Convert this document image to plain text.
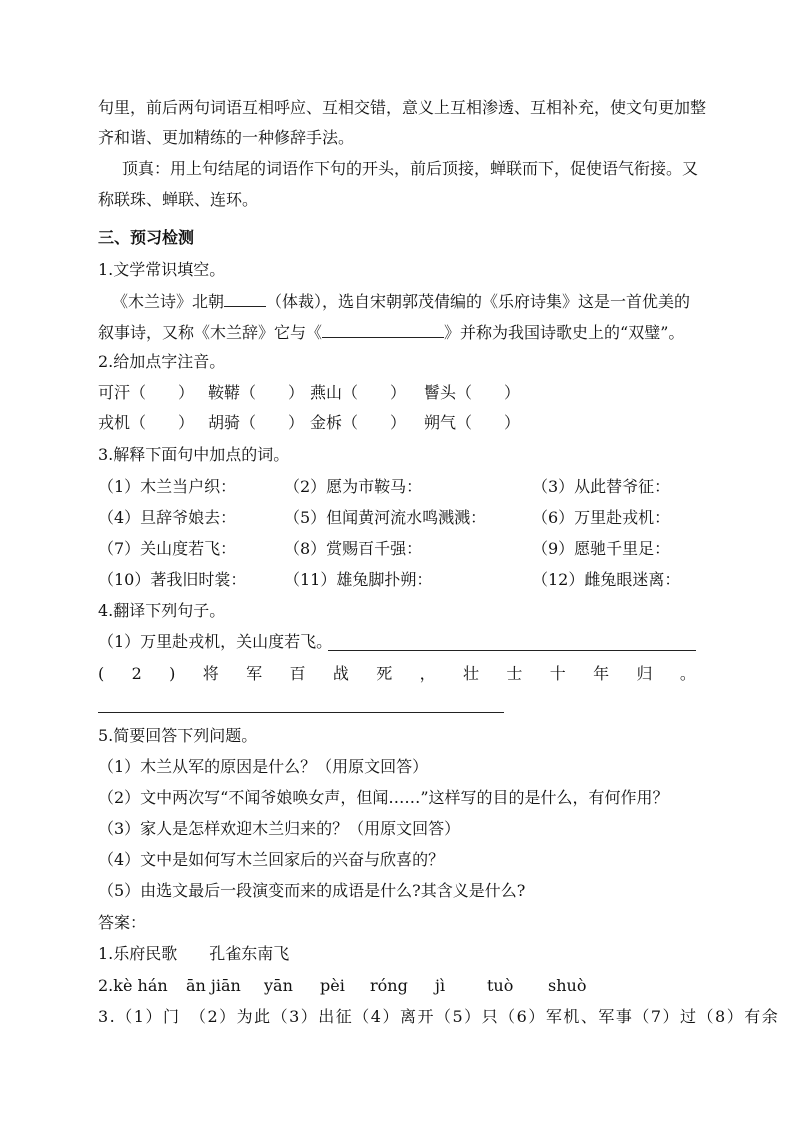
句里，前后两句词语互相呼应、互相交错，意义上互相渗透、互相补充，使文句更加整
齐和谐、更加精练的一种修辞手法。
顶真：用上句结尾的词语作下句的开头，前后顶接，蝉联而下，促使语气衔接。又
称联珠、蝉联、连环。
三、预习检测
1.文学常识填空。
《木兰诗》北朝	（体裁），选自宋朝郭茂倩编的《乐府诗集》这是一首优美的
叙事诗，又称《木兰辞》它与《	》并称为我国诗歌史上的“双璧”。
2.给加点字注音。
可汗（　　） 鞍鞯（　　） 燕山（　　） 鬙头（　　）
戎机（　　） 胡骑（　　） 金柝（　　） 朔气（　　）
3.解释下面句中加点的词。
（1）木兰当户织：	（2）愿为市鞍马：	（3）从此替爷征：
（4）旦辞爷娘去：	（5）但闻黄河流水鸣溅溅：	（6）万里赴戎机：
（7）关山度若飞：	（8）赏赐百千强：	（9）愿驰千里足：
（10）著我旧时裳： （11）雄兔脚扑朔：	（12）雌兔眼迷离：
4.翻译下列句子。
（1）万里赴戎机，关山度若飞。
( 2 ) 将 军 百 战 死 ， 壮 士 十 年 归 。
5.简要回答下列问题。
（1）木兰从军的原因是什么？（用原文回答）
（2）文中两次写“不闻爷娘唤女声，但闻……”这样写的目的是什么，有何作用？
（3）家人是怎样欢迎木兰归来的？（用原文回答）
（4）文中是如何写木兰回家后的兴奋与欣喜的？
（5）由选文最后一段演变而来的成语是什么?其含义是什么?
答案：
1.乐府民歌　　孔雀东南飞
2.kè hán ān jiān yān pèi róng jì	tuò shuò
3.（1）门　（2）为此（3）出征（4）离开（5）只（6）军机、军事（7）过（8）有余
